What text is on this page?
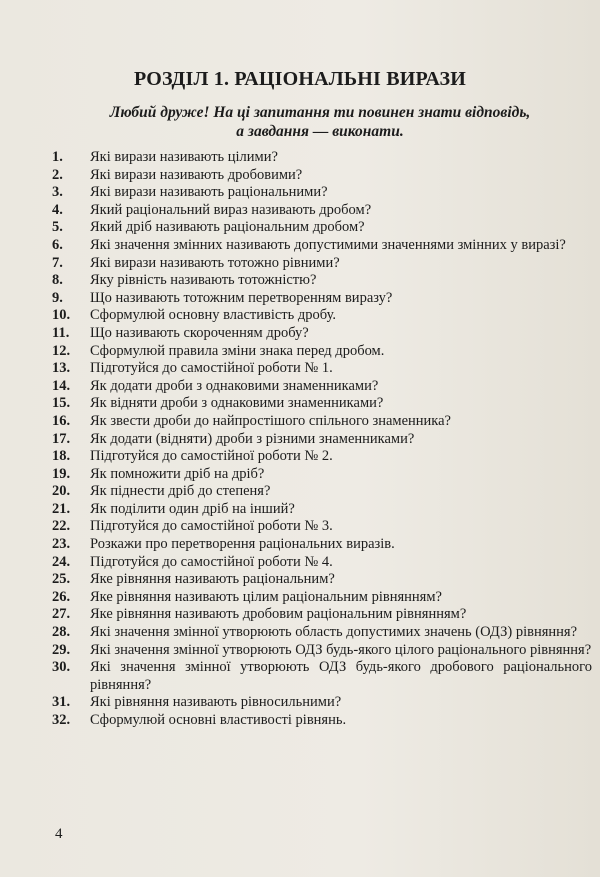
РОЗДІЛ 1. РАЦІОНАЛЬНІ ВИРАЗИ
Любий друже! На ці запитання ти повинен знати відповідь,
а завдання — виконати.
1.	Які вирази називають цілими?
2.	Які вирази називають дробовими?
3.	Які вирази називають раціональними?
4.	Який раціональний вираз називають дробом?
5.	Який дріб називають раціональним дробом?
6.	Які значення змінних називають допустимими значеннями змінних у виразі?
7.	Які вирази називають тотожно рівними?
8.	Яку рівність називають тотожністю?
9.	Що називають тотожним перетворенням виразу?
10.	Сформулюй основну властивість дробу.
11.	Що називають скороченням дробу?
12.	Сформулюй правила зміни знака перед дробом.
13.	Підготуйся до самостійної роботи № 1.
14.	Як додати дроби з однаковими знаменниками?
15.	Як відняти дроби з однаковими знаменниками?
16.	Як звести дроби до найпростішого спільного знаменника?
17.	Як додати (відняти) дроби з різними знаменниками?
18.	Підготуйся до самостійної роботи № 2.
19.	Як помножити дріб на дріб?
20.	Як піднести дріб до степеня?
21.	Як поділити один дріб на інший?
22.	Підготуйся до самостійної роботи № 3.
23.	Розкажи про перетворення раціональних виразів.
24.	Підготуйся до самостійної роботи № 4.
25.	Яке рівняння називають раціональним?
26.	Яке рівняння називають цілим раціональним рівнянням?
27.	Яке рівняння називають дробовим раціональним рівнянням?
28.	Які значення змінної утворюють область допустимих значень (ОДЗ) рівняння?
29.	Які значення змінної утворюють ОДЗ будь-якого цілого раціонального рівняння?
30.	Які значення змінної утворюють ОДЗ будь-якого дробового раціонального рівняння?
31.	Які рівняння називають рівносильними?
32.	Сформулюй основні властивості рівнянь.
4
